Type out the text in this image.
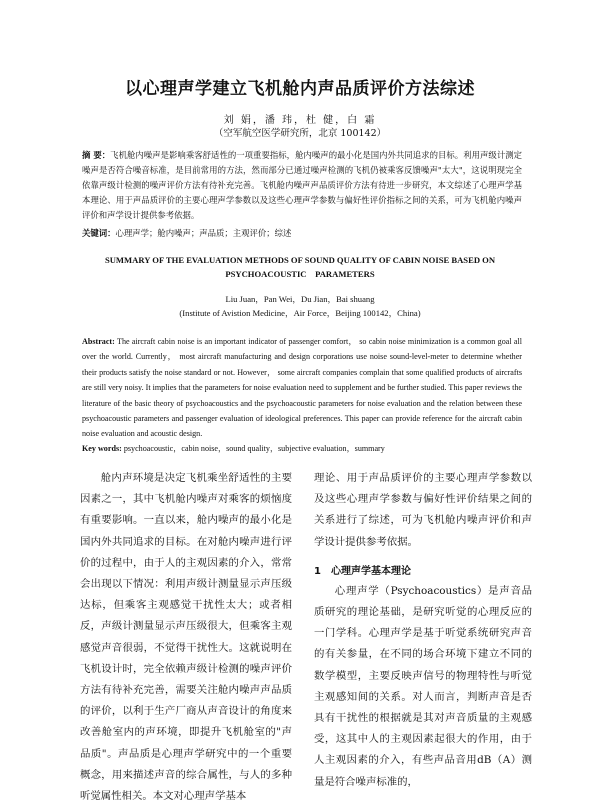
以心理声学建立飞机舱内声品质评价方法综述
刘 娟，潘 玮，杜 健，白 霜
（空军航空医学研究所，北京 100142）
摘 要：飞机舱内噪声是影响乘客舒适性的一项重要指标，舱内噪声的最小化是国内外共同追求的目标。利用声级计测定噪声是否符合噪音标准，是目前常用的方法，然而部分已通过噪声检测的飞机仍被乘客反馈噪声"太大"，这说明现完全依靠声级计检测的噪声评价方法有待补充完善。飞机舱内噪声声品质评价方法有待进一步研究，本文综述了心理声学基本理论、用于声品质评价的主要心理声学参数以及这些心理声学参数与偏好性评价指标之间的关系，可为飞机舱内噪声评价和声学设计提供参考依据。
关键词：心理声学；舱内噪声；声品质；主观评价；综述
SUMMARY OF THE EVALUATION METHODS OF SOUND QUALITY OF CABIN NOISE BASED ON
PSYCHOACOUSTIC　PARAMETERS
Liu Juan，Pan Wei，Du Jian，Bai shuang
(Institute of Avistion Medicine，Air Force，Beijing 100142，China)
Abstract: The aircraft cabin noise is an important indicator of passenger comfort， so cabin noise minimization is a common goal all over the world. Currently， most aircraft manufacturing and design corporations use noise sound-level-meter to determine whether their products satisfy the noise standard or not. However， some aircraft companies complain that some qualified products of aircrafts are still very noisy. It implies that the parameters for noise evaluation need to supplement and be further studied. This paper reviews the literature of the basic theory of psychoacoustics and the psychoacoustic parameters for noise evaluation and the relation between these psychoacoustic parameters and passenger evaluation of ideological preferences. This paper can provide reference for the aircraft cabin noise evaluation and acoustic design.
Key words: psychoacoustic，cabin noise，sound quality，subjective evaluation，summary

舱内声环境是决定飞机乘坐舒适性的主要因素之一，其中飞机舱内噪声对乘客的烦恼度有重要影响。一直以来，舱内噪声的最小化是国内外共同追求的目标。在对舱内噪声进行评价的过程中，由于人的主观因素的介入，常常会出现以下情况：利用声级计测量显示声压级达标，但乘客主观感觉干扰性太大；或者相反，声级计测量显示声压级很大，但乘客主观感觉声音很弱，不觉得干扰性大。这就说明在飞机设计时，完全依赖声级计检测的噪声评价方法有待补充完善，需要关注舱内噪声声品质的评价，以利于生产厂商从声音设计的角度来改善舱室内的声环境，即提升飞机舱室的"声品质"。声品质是心理声学研究中的一个重要概念，用来描述声音的综合属性，与人的多种听觉属性相关。本文对心理声学基本

理论、用于声品质评价的主要心理声学参数以及这些心理声学参数与偏好性评价结果之间的关系进行了综述，可为飞机舱内噪声评价和声学设计提供参考依据。

1　心理声学基本理论

心理声学（Psychoacoustics）是声音品质研究的理论基础，是研究听觉的心理反应的一门学科。心理声学是基于听觉系统研究声音的有关参量，在不同的场合环境下建立不同的数学模型，主要反映声信号的物理特性与听觉主观感知间的关系。对人而言，判断声音是否具有干扰性的根据就是其对声音质量的主观感受，这其中人的主观因素起很大的作用，由于人主观因素的介入，有些声品音用dB（A）测量是符合噪声标准的，
